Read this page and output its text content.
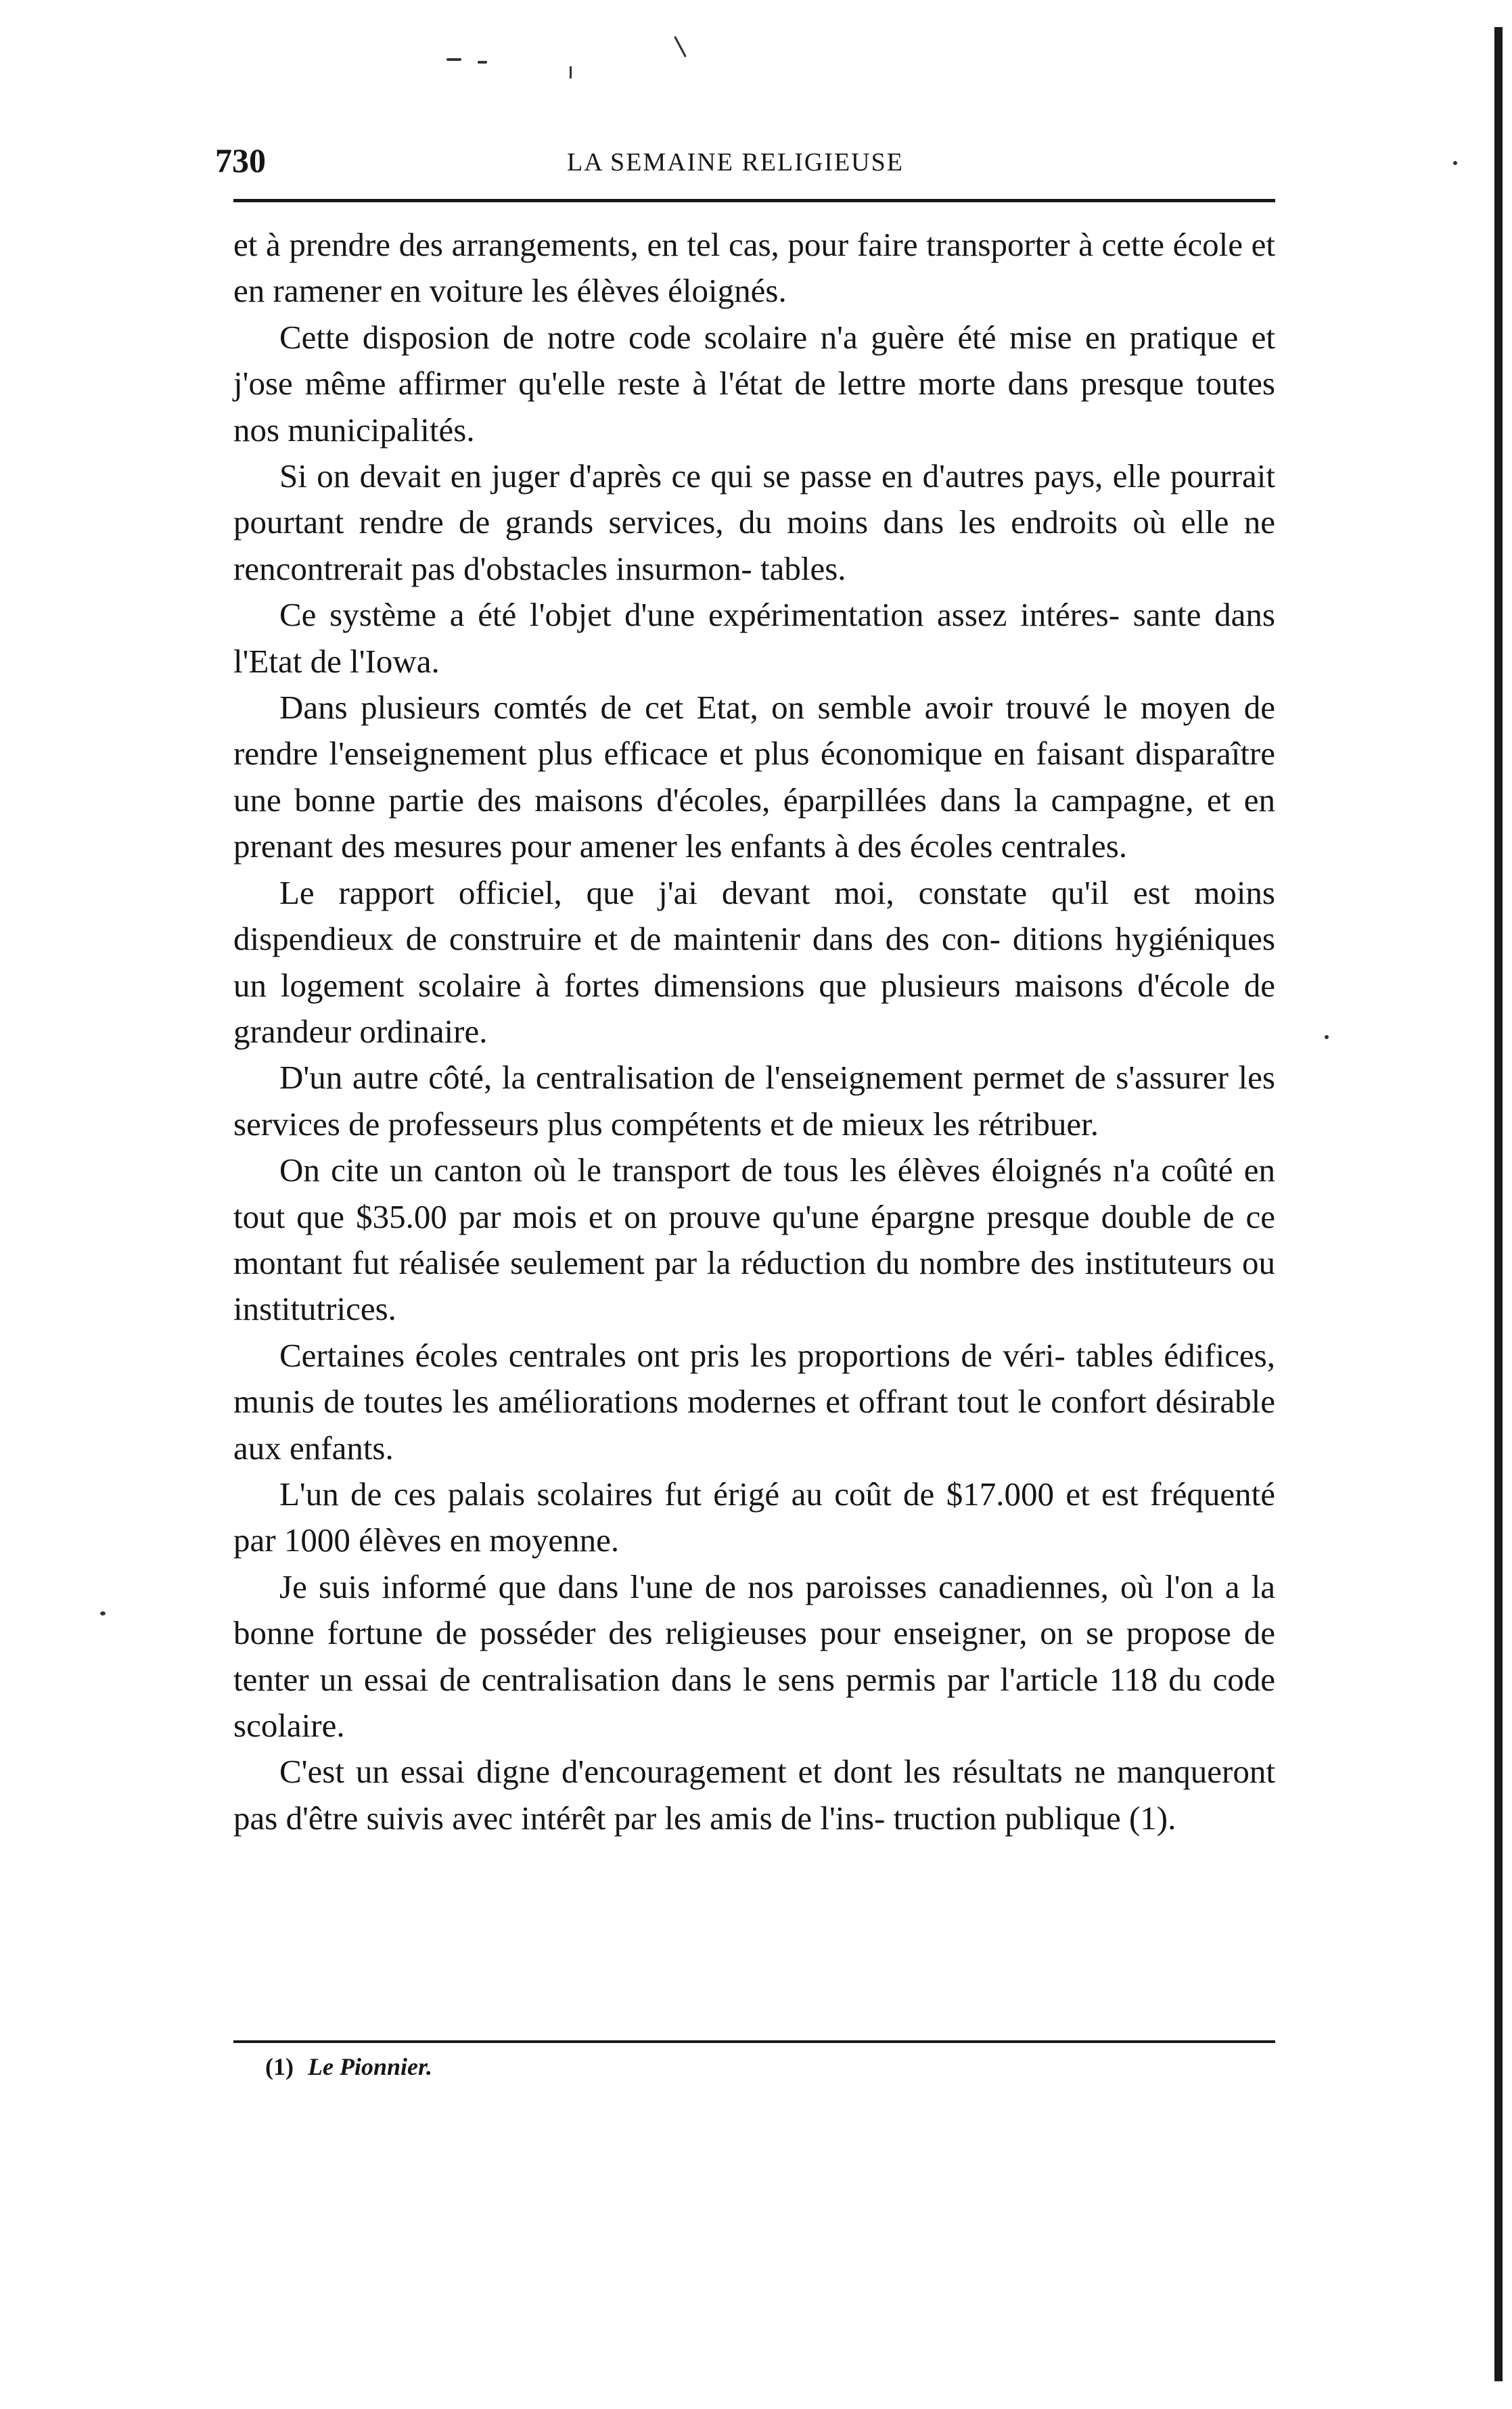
730	LA SEMAINE RELIGIEUSE

et à prendre des arrangements, en tel cas, pour faire transporter à cette école et en ramener en voiture les élèves éloignés.

Cette disposion de notre code scolaire n'a guère été mise en pratique et j'ose même affirmer qu'elle reste à l'état de lettre morte dans presque toutes nos municipalités.

Si on devait en juger d'après ce qui se passe en d'autres pays, elle pourrait pourtant rendre de grands services, du moins dans les endroits où elle ne rencontrerait pas d'obstacles insurmon- tables.

Ce système a été l'objet d'une expérimentation assez intéres- sante dans l'Etat de l'Iowa.

Dans plusieurs comtés de cet Etat, on semble avoir trouvé le moyen de rendre l'enseignement plus efficace et plus économique en faisant disparaître une bonne partie des maisons d'écoles, éparpillées dans la campagne, et en prenant des mesures pour amener les enfants à des écoles centrales.

Le rapport officiel, que j'ai devant moi, constate qu'il est moins dispendieux de construire et de maintenir dans des con- ditions hygiéniques un logement scolaire à fortes dimensions que plusieurs maisons d'école de grandeur ordinaire.

D'un autre côté, la centralisation de l'enseignement permet de s'assurer les services de professeurs plus compétents et de mieux les rétribuer.

On cite un canton où le transport de tous les élèves éloignés n'a coûté en tout que $35.00 par mois et on prouve qu'une épargne presque double de ce montant fut réalisée seulement par la réduction du nombre des instituteurs ou institutrices.

Certaines écoles centrales ont pris les proportions de véri- tables édifices, munis de toutes les améliorations modernes et offrant tout le confort désirable aux enfants.

L'un de ces palais scolaires fut érigé au coût de $17.000 et est fréquenté par 1000 élèves en moyenne.

Je suis informé que dans l'une de nos paroisses canadiennes, où l'on a la bonne fortune de posséder des religieuses pour enseigner, on se propose de tenter un essai de centralisation dans le sens permis par l'article 118 du code scolaire.

C'est un essai digne d'encouragement et dont les résultats ne manqueront pas d'être suivis avec intérêt par les amis de l'ins- truction publique (1).

(1) Le Pionnier.
